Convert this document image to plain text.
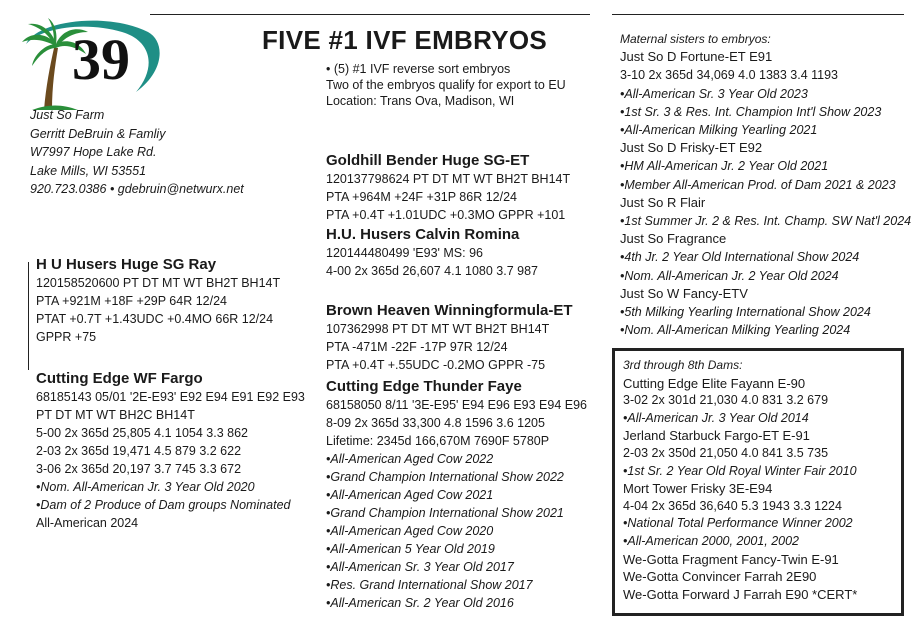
39
Just So Farm
Gerritt DeBruin & Famliy
W7997 Hope Lake Rd.
Lake Mills, WI 53551
920.723.0386 • gdebruin@netwurx.net
FIVE #1 IVF EMBRYOS
• (5) #1 IVF reverse sort embryos
Two of the embryos qualify for export to EU
Location: Trans Ova, Madison, WI
H U Husers Huge SG Ray
120158520600 PT DT MT WT BH2T BH14T
PTA +921M +18F +29P 64R 12/24
PTAT +0.7T +1.43UDC +0.4MO 66R 12/24
GPPR +75
Cutting Edge WF Fargo
68185143 05/01 '2E-E93' E92 E94 E91 E92 E93
PT DT MT WT BH2C BH14T
5-00 2x 365d 25,805 4.1 1054 3.3 862
2-03 2x 365d 19,471 4.5 879 3.2 622
3-06 2x 365d 20,197 3.7 745 3.3 672
•Nom. All-American Jr. 3 Year Old 2020
•Dam of 2 Produce of Dam groups Nominated
All-American 2024
Goldhill Bender Huge SG-ET
120137798624 PT DT MT WT BH2T BH14T
PTA +964M +24F +31P 86R 12/24
PTA +0.4T +1.01UDC +0.3MO GPPR +101
H.U. Husers Calvin Romina
120144480499 'E93' MS: 96
4-00 2x 365d 26,607 4.1 1080 3.7 987
Brown Heaven Winningformula-ET
107362998 PT DT MT WT BH2T BH14T
PTA -471M -22F -17P 97R 12/24
PTA +0.4T +.55UDC -0.2MO GPPR -75
Cutting Edge Thunder Faye
68158050 8/11 '3E-E95' E94 E96 E93 E94 E96
8-09 2x 365d 33,300 4.8 1596 3.6 1205
Lifetime: 2345d 166,670M 7690F 5780P
•All-American Aged Cow 2022
•Grand Champion International Show 2022
•All-American Aged Cow 2021
•Grand Champion International Show 2021
•All-American Aged Cow 2020
•All-American 5 Year Old 2019
•All-American Sr. 3 Year Old 2017
•Res. Grand International Show 2017
•All-American Sr. 2 Year Old 2016
Maternal sisters to embryos:
Just So D Fortune-ET E91
3-10 2x 365d 34,069 4.0 1383 3.4 1193
•All-American Sr. 3 Year Old 2023
•1st Sr. 3 & Res. Int. Champion Int'l Show 2023
•All-American Milking Yearling 2021
Just So D Frisky-ET E92
•HM All-American Jr. 2 Year Old 2021
•Member All-American Prod. of Dam 2021 & 2023
Just So R Flair
•1st Summer Jr. 2 & Res. Int. Champ. SW Nat'l 2024
Just So Fragrance
•4th Jr. 2 Year Old International Show 2024
•Nom. All-American Jr. 2 Year Old 2024
Just So W Fancy-ETV
•5th Milking Yearling International Show 2024
•Nom. All-American Milking Yearling 2024
3rd through 8th Dams:
Cutting Edge Elite Fayann E-90
3-02 2x 301d 21,030 4.0 831 3.2 679
•All-American Jr. 3 Year Old 2014
Jerland Starbuck Fargo-ET E-91
2-03 2x 350d 21,050 4.0 841 3.5 735
•1st Sr. 2 Year Old Royal Winter Fair 2010
Mort Tower Frisky 3E-E94
4-04 2x 365d 36,640 5.3 1943 3.3 1224
•National Total Performance Winner 2002
•All-American 2000, 2001, 2002
We-Gotta Fragment Fancy-Twin E-91
We-Gotta Convincer Farrah 2E90
We-Gotta Forward J Farrah E90 *CERT*
